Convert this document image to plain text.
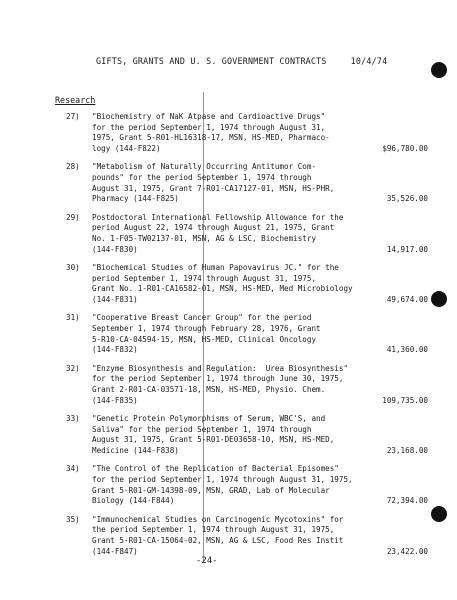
GIFTS, GRANTS AND U. S. GOVERNMENT CONTRACTS	10/4/74
Research
27) "Biochemistry of NaK Atpase and Cardioactive Drugs"
for the period September 1, 1974 through August 31,
1975, Grant 5-R01-HL16318-17, MSN, HS-MED, Pharmaco-
logy (144-F822)	$96,780.00
28) "Metabolism of Naturally Occurring Antitumor Com-
pounds" for the period September 1, 1974 through
August 31, 1975, Grant 7-R01-CA17127-01, MSN, HS-PHR,
Pharmacy (144-F825)	35,526.00
29) Postdoctoral International Fellowship Allowance for the
period August 22, 1974 through August 21, 1975, Grant
No. 1-F05-TW02137-01, MSN, AG & LSC, Biochemistry
(144-F830)	14,917.00
30) "Biochemical Studies of Human Papovavirus JC." for the
period September 1, 1974 through August 31, 1975,
Grant No. 1-R01-CA16582-01, MSN, HS-MED, Med Microbiology
(144-F831)	49,674.00
31) "Cooperative Breast Cancer Group" for the period
September 1, 1974 through February 28, 1976, Grant
5-R10-CA-04594-15, MSN, HS-MED, Clinical Oncology
(144-F832)	41,360.00
32) "Enzyme Biosynthesis and Regulation:  Urea Biosynthesis"
for the period September 1, 1974 through June 30, 1975,
Grant 2-R01-CA-03571-18, MSN, HS-MED, Physio. Chem.
(144-F835)	109,735.00
33) "Genetic Protein Polymorphisms of Serum, WBC'S, and
Saliva" for the period September 1, 1974 through
August 31, 1975, Grant 5-R01-DE03658-10, MSN, HS-MED,
Medicine (144-F838)	23,168.00
34) "The Control of the Replication of Bacterial Episomes"
for the period September 1, 1974 through August 31, 1975,
Grant 5-R01-GM-14398-09, MSN, GRAD, Lab of Molecular
Biology (144-F844)	72,394.00
35) "Immunochemical Studies on Carcinogenic Mycotoxins" for
the period September 1, 1974 through August 31, 1975,
Grant 5-R01-CA-15064-02, MSN, AG & LSC, Food Res Instit
(144-F847)	23,422.00
-24-
